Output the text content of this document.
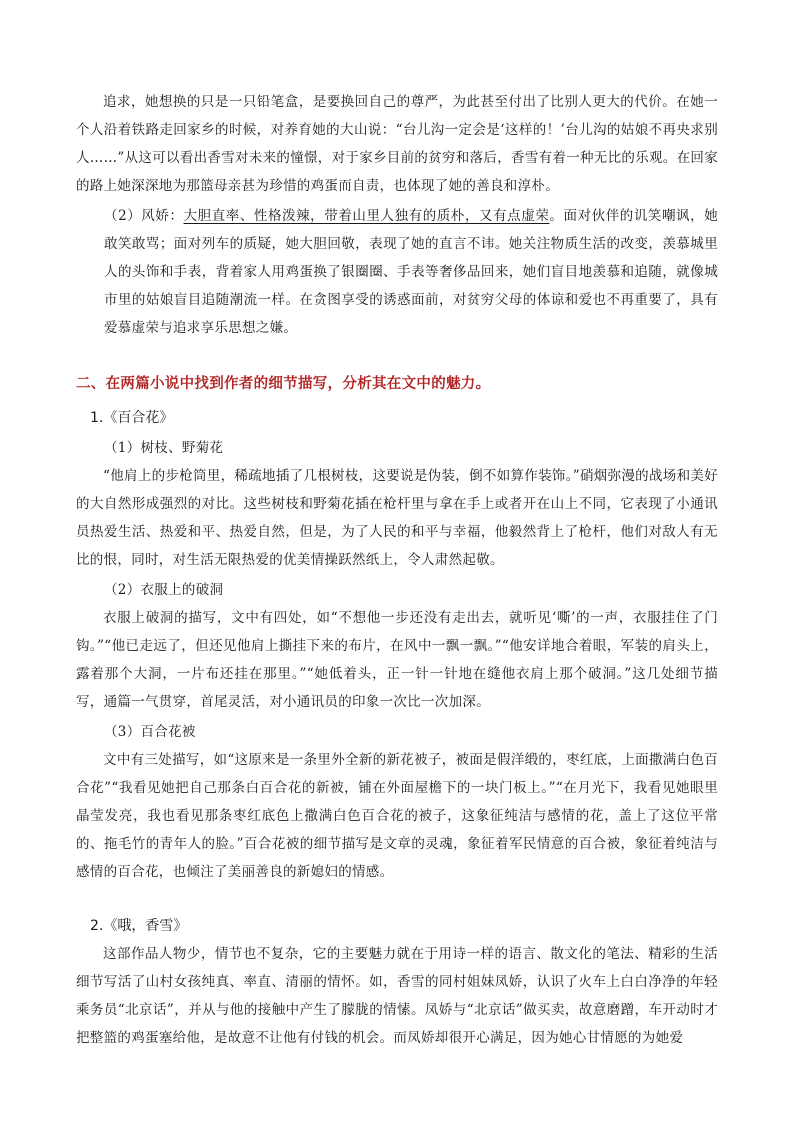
追求，她想换的只是一只铅笔盒，是要换回自己的尊严，为此甚至付出了比别人更大的代价。在她一个人沿着铁路走回家乡的时候，对养育她的大山说：“台儿沟一定会是‘这样的！’台儿沟的姑娘不再央求别人……”从这可以看出香雪对未来的憧憬，对于家乡目前的贫穷和落后，香雪有着一种无比的乐观。在回家的路上她深深地为那篮母亲甚为珍惜的鸡蛋而自责，也体现了她的善良和淳朴。

（2）风娇：大胆直率、性格泼辣，带着山里人独有的质朴，又有点虚荣。面对伙伴的讥笑嘲讽，她敢笑敢骂；面对列车的质疑，她大胆回敬，表现了她的直言不讳。她关注物质生活的改变，羡慕城里人的头饰和手表，背着家人用鸡蛋换了银圈圈、手表等奢侈品回来，她们盲目地羡慕和追随，就像城市里的姑娘盲目追随潮流一样。在贪图享受的诱惑面前，对贫穷父母的体谅和爱也不再重要了，具有爱慕虚荣与追求享乐思想之嫌。

二、在两篇小说中找到作者的细节描写，分析其在文中的魅力。
1.《百合花》

（1）树枝、野菊花

“他肩上的步枪筒里，稀疏地插了几根树枝，这要说是伪装，倒不如算作装饰。”硝烟弥漫的战场和美好的大自然形成强烈的对比。这些树枝和野菊花插在枪杆里与拿在手上或者开在山上不同，它表现了小通讯员热爱生活、热爱和平、热爱自然，但是，为了人民的和平与幸福，他毅然背上了枪杆，他们对敌人有无比的恨，同时，对生活无限热爱的优美情操跃然纸上，令人肃然起敬。

（2）衣服上的破洞

衣服上破洞的描写，文中有四处，如“不想他一步还没有走出去，就听见‘嘶’的一声，衣服挂住了门钩。”“他已走远了，但还见他肩上撕挂下来的布片，在风中一飘一飘。”“他安详地合着眼，军装的肩头上，露着那个大洞，一片布还挂在那里。”“她低着头，正一针一针地在缝他衣肩上那个破洞。”这几处细节描写，通篇一气贯穿，首尾灵活，对小通讯员的印象一次比一次加深。

（3）百合花被

文中有三处描写，如“这原来是一条里外全新的新花被子，被面是假洋缎的，枣红底，上面撒满白色百合花”“我看见她把自己那条白百合花的新被，铺在外面屋檐下的一块门板上。”“在月光下，我看见她眼里晶莹发亮，我也看见那条枣红底色上撒满白色百合花的被子，这象征纯洁与感情的花，盖上了这位平常的、拖毛竹的青年人的脸。”百合花被的细节描写是文章的灵魂，象征着军民情意的百合被，象征着纯洁与感情的百合花，也倾注了美丽善良的新媳妇的情感。

2.《哦，香雪》

这部作品人物少，情节也不复杂，它的主要魅力就在于用诗一样的语言、散文化的笔法、精彩的生活细节写活了山村女孩纯真、率直、清丽的情怀。如，香雪的同村姐妹凤娇，认识了火车上白白净净的年轻乘务员“北京话”，并从与他的接触中产生了朦胧的情愫。凤娇与“北京话”做买卖，故意磨蹭，车开动时才把整篮的鸡蛋塞给他，是故意不让他有付钱的机会。而凤娇却很开心满足，因为她心甘情愿的为她爱
